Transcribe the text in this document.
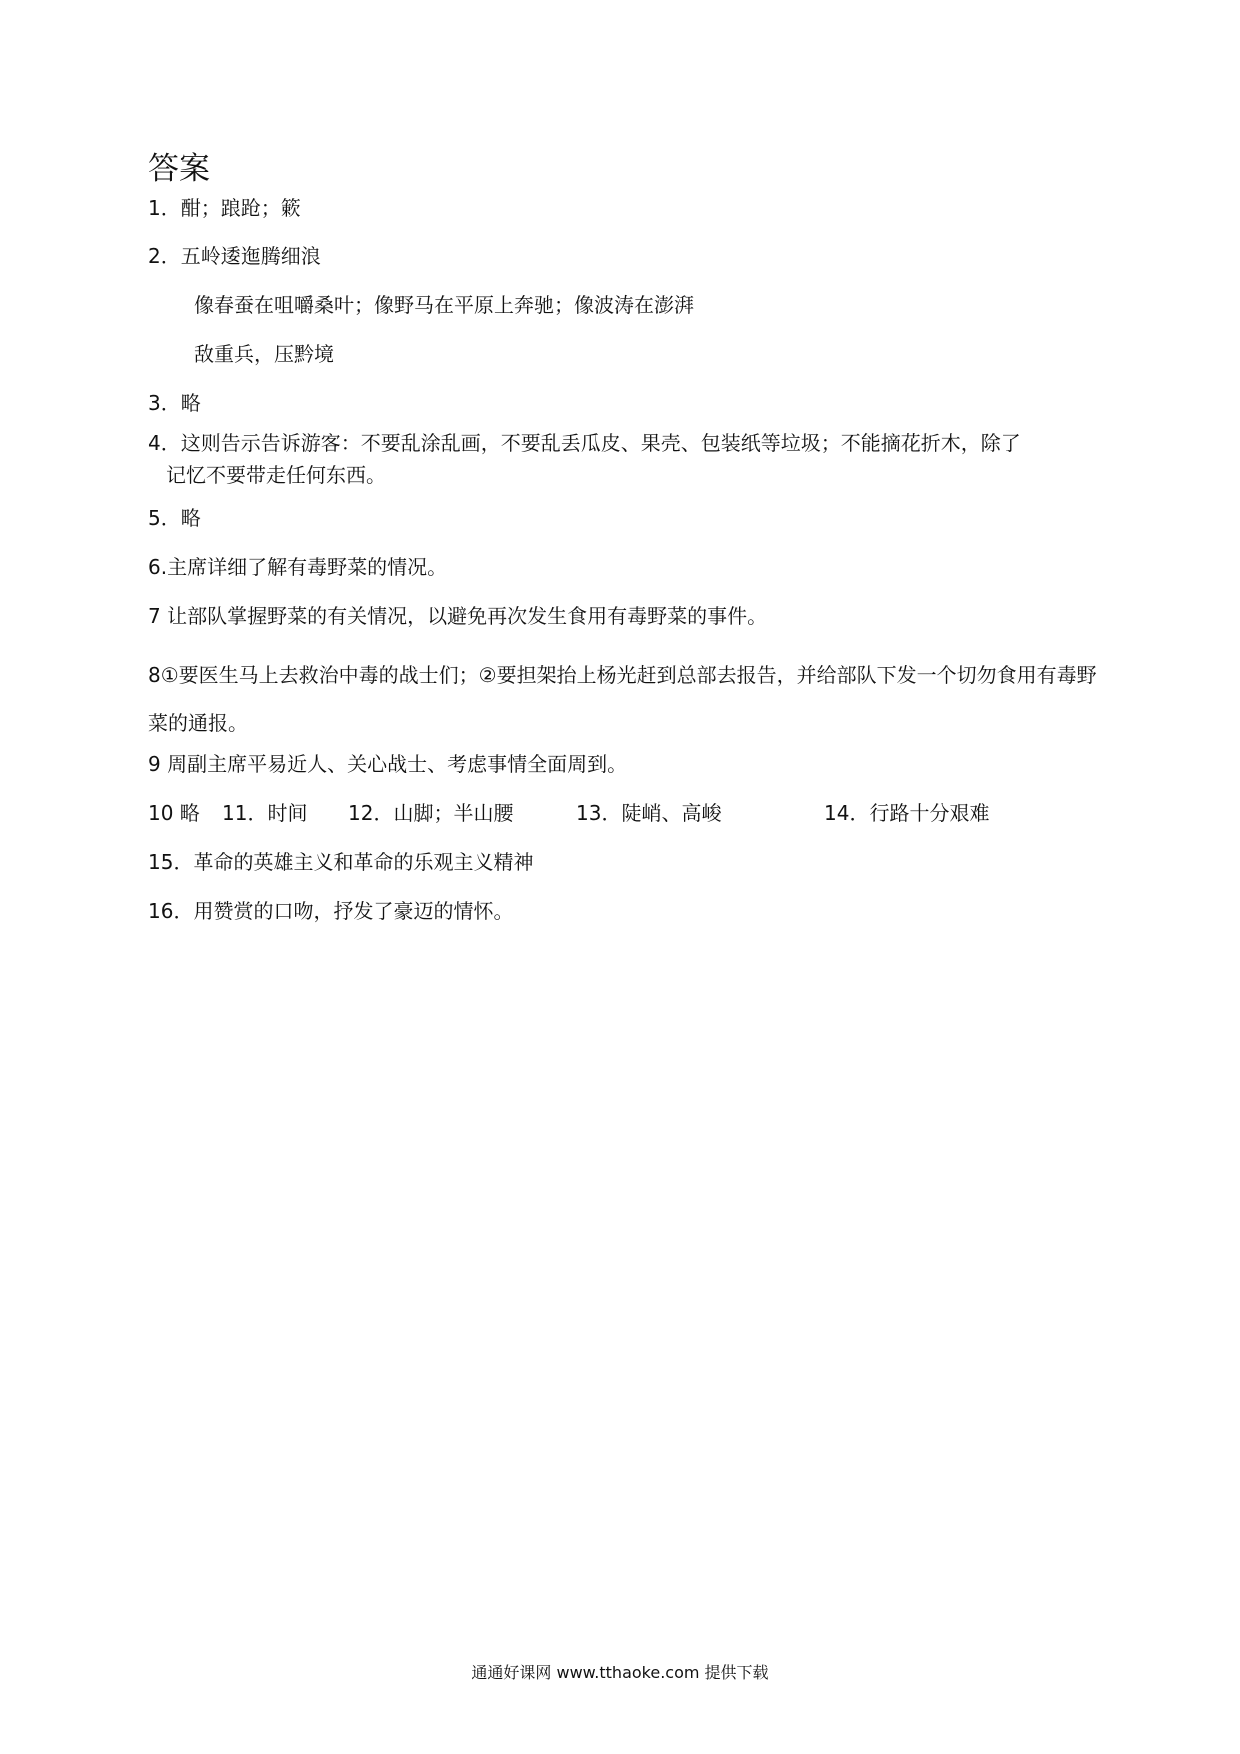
答案
1．酣；踉跄；簌
2．五岭逶迤腾细浪
像春蚕在咀嚼桑叶；像野马在平原上奔驰；像波涛在澎湃
敌重兵，压黔境
3．略
4．这则告示告诉游客：不要乱涂乱画，不要乱丢瓜皮、果壳、包装纸等垃圾；不能摘花折木，除了
记忆不要带走任何东西。
5．略
6.主席详细了解有毒野菜的情况。
7 让部队掌握野菜的有关情况，以避免再次发生食用有毒野菜的事件。
8①要医生马上去救治中毒的战士们；②要担架抬上杨光赶到总部去报告，并给部队下发一个切勿食用有毒野菜的通报。
9 周副主席平易近人、关心战士、考虑事情全面周到。
10 略 11．时间 12．山脚；半山腰	13．陡峭、高峻	14．行路十分艰难
15．革命的英雄主义和革命的乐观主义精神
16．用赞赏的口吻，抒发了豪迈的情怀。
通通好课网 www.tthaoke.com 提供下载
